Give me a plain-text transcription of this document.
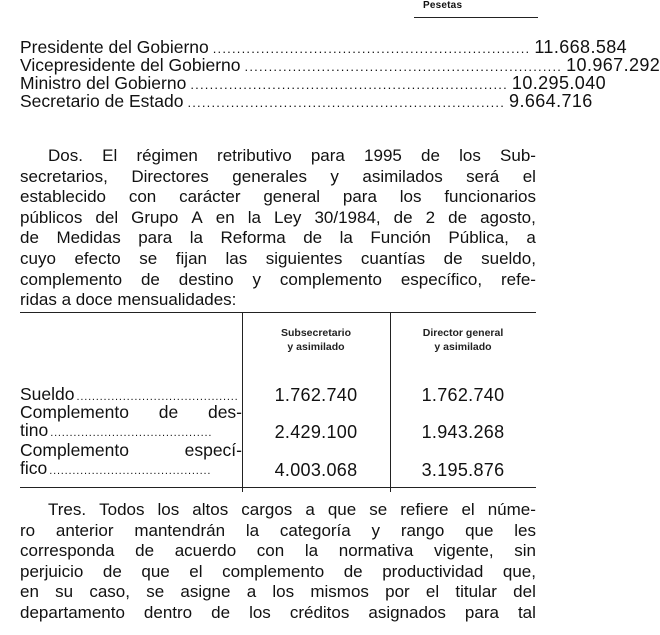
Pesetas
Presidente del Gobierno .................................................................. 11.668.584
Vicepresidente del Gobierno .................................................................. 10.967.292
Ministro del Gobierno .................................................................. 10.295.040
Secretario de Estado .................................................................. 9.664.716
Dos. El régimen retributivo para 1995 de los Sub-
secretarios, Directores generales y asimilados será el
establecido con carácter general para los funcionarios
públicos del Grupo A en la Ley 30/1984, de 2 de agosto,
de Medidas para la Reforma de la Función Pública, a
cuyo efecto se fijan las siguientes cuantías de sueldo,
complemento de destino y complemento específico, refe-
ridas a doce mensualidades:
Subsecretario
y asimilado
Director general
y asimilado
Sueldo ..........................................	1.762.740	1.762.740
Complemento de des-
tino ..........................................	2.429.100	1.943.268
Complemento especí-
fico ..........................................	4.003.068	3.195.876
Tres. Todos los altos cargos a que se refiere el núme-
ro anterior mantendrán la categoría y rango que les
corresponda de acuerdo con la normativa vigente, sin
perjuicio de que el complemento de productividad que,
en su caso, se asigne a los mismos por el titular del
departamento dentro de los créditos asignados para tal
